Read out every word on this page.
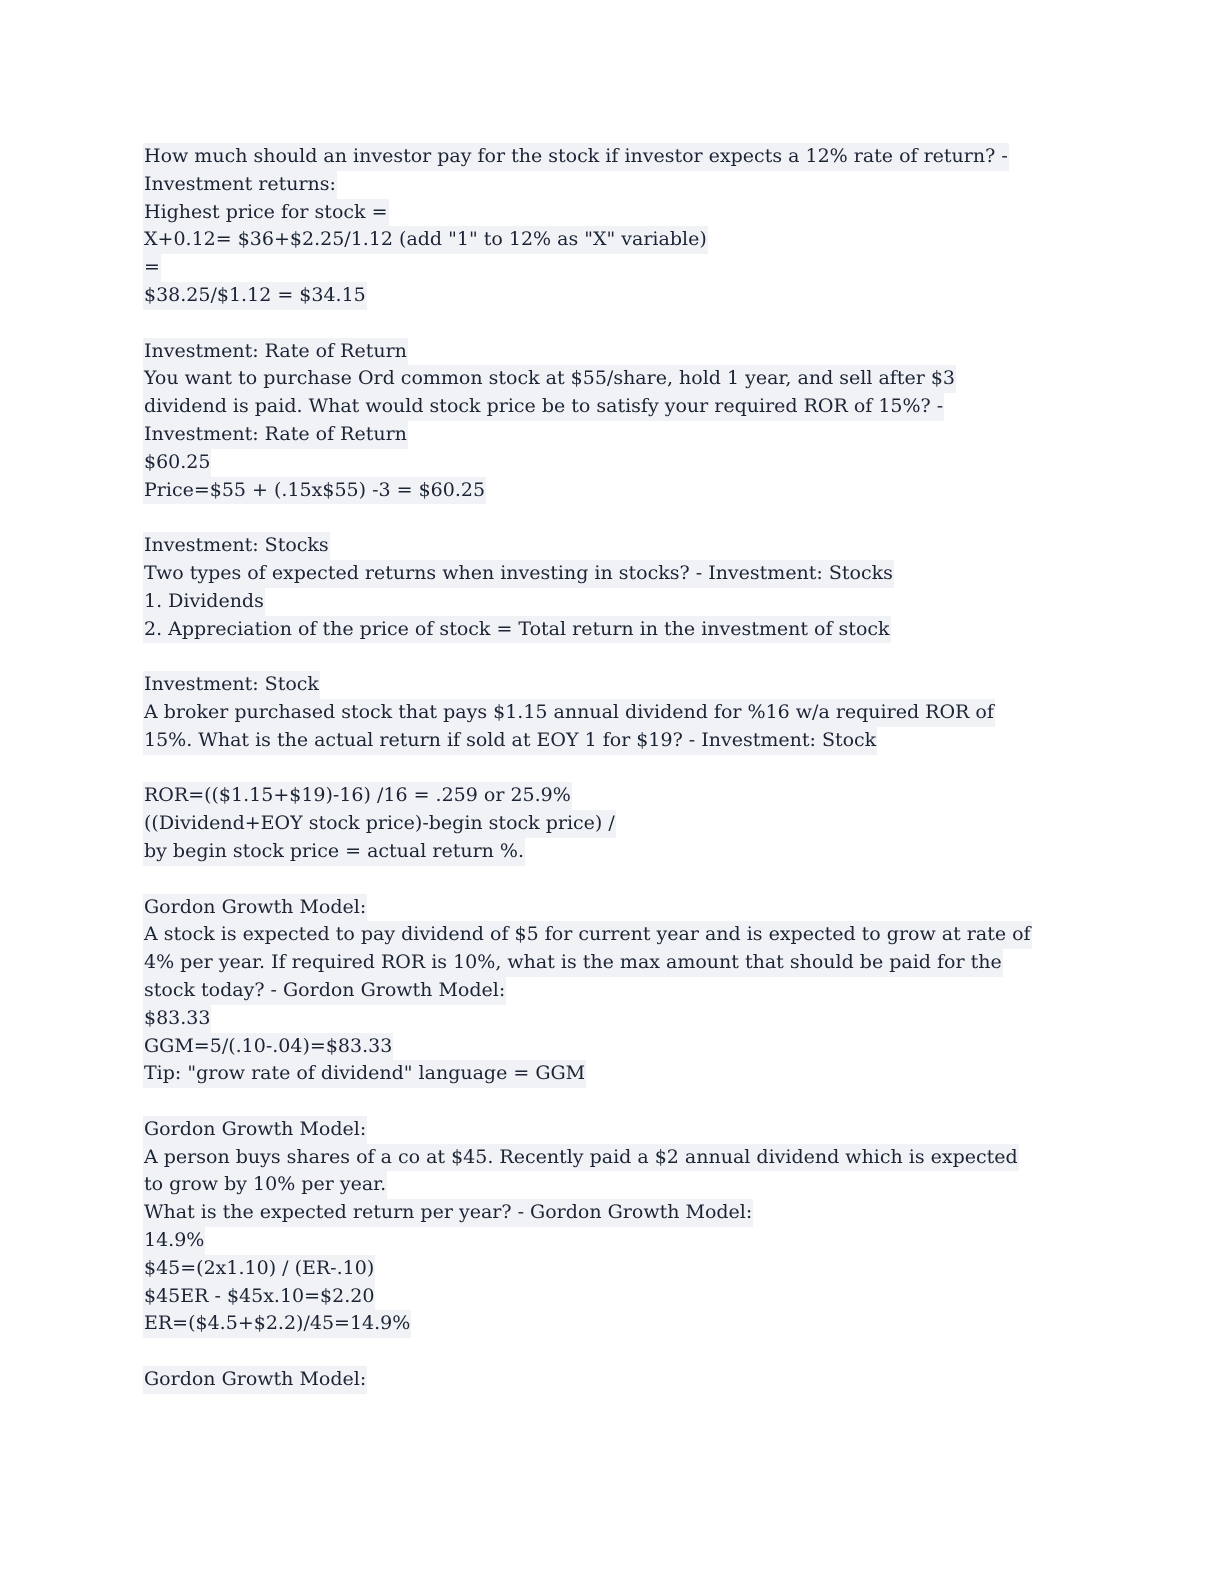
How much should an investor pay for the stock if investor expects a 12% rate of return? -
Investment returns:
Highest price for stock =
X+0.12= $36+$2.25/1.12 (add "1" to 12% as "X" variable)
=
$38.25/$1.12 = $34.15
Investment: Rate of Return
You want to purchase Ord common stock at $55/share, hold 1 year, and sell after $3
dividend is paid. What would stock price be to satisfy your required ROR of 15%? -
Investment: Rate of Return
$60.25
Price=$55 + (.15x$55) -3 = $60.25
Investment: Stocks
Two types of expected returns when investing in stocks? - Investment: Stocks
1. Dividends
2. Appreciation of the price of stock = Total return in the investment of stock
Investment: Stock
A broker purchased stock that pays $1.15 annual dividend for %16 w/a required ROR of
15%. What is the actual return if sold at EOY 1 for $19? - Investment: Stock
ROR=(($1.15+$19)-16) /16 = .259 or 25.9%
((Dividend+EOY stock price)-begin stock price) /
by begin stock price = actual return %.
Gordon Growth Model:
A stock is expected to pay dividend of $5 for current year and is expected to grow at rate of
4% per year. If required ROR is 10%, what is the max amount that should be paid for the
stock today? - Gordon Growth Model:
$83.33
GGM=5/(.10-.04)=$83.33
Tip: "grow rate of dividend" language = GGM
Gordon Growth Model:
A person buys shares of a co at $45. Recently paid a $2 annual dividend which is expected
to grow by 10% per year.
What is the expected return per year? - Gordon Growth Model:
14.9%
$45=(2x1.10) / (ER-.10)
$45ER - $45x.10=$2.20
ER=($4.5+$2.2)/45=14.9%
Gordon Growth Model:
